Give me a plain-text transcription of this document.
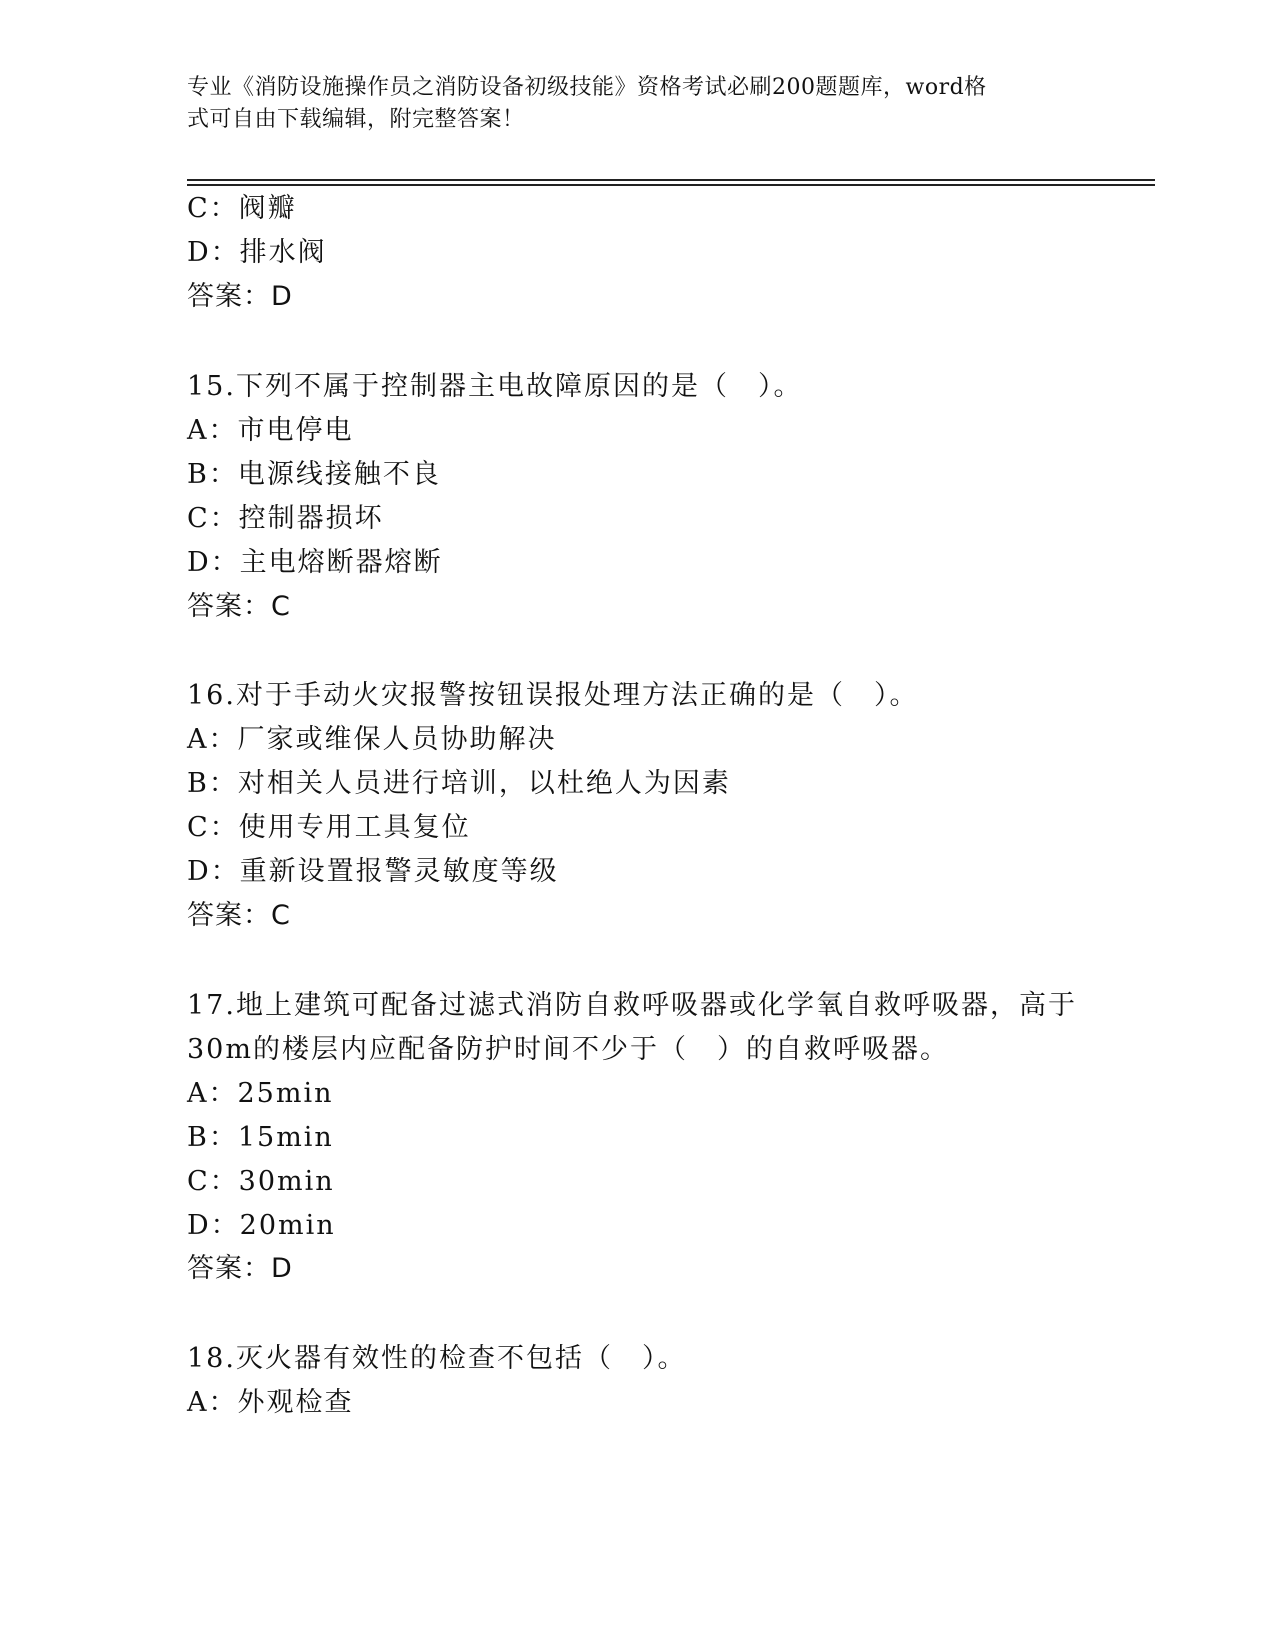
专业《消防设施操作员之消防设备初级技能》资格考试必刷200题题库，word格
式可自由下载编辑，附完整答案！
C：阀瓣
D：排水阀
答案：D
15.下列不属于控制器主电故障原因的是（　）。
A：市电停电
B：电源线接触不良
C：控制器损坏
D：主电熔断器熔断
答案：C
16.对于手动火灾报警按钮误报处理方法正确的是（　）。
A：厂家或维保人员协助解决
B：对相关人员进行培训，以杜绝人为因素
C：使用专用工具复位
D：重新设置报警灵敏度等级
答案：C
17.地上建筑可配备过滤式消防自救呼吸器或化学氧自救呼吸器，高于
30m的楼层内应配备防护时间不少于（　）的自救呼吸器。
A：25min
B：15min
C：30min
D：20min
答案：D
18.灭火器有效性的检查不包括（　）。
A：外观检查
